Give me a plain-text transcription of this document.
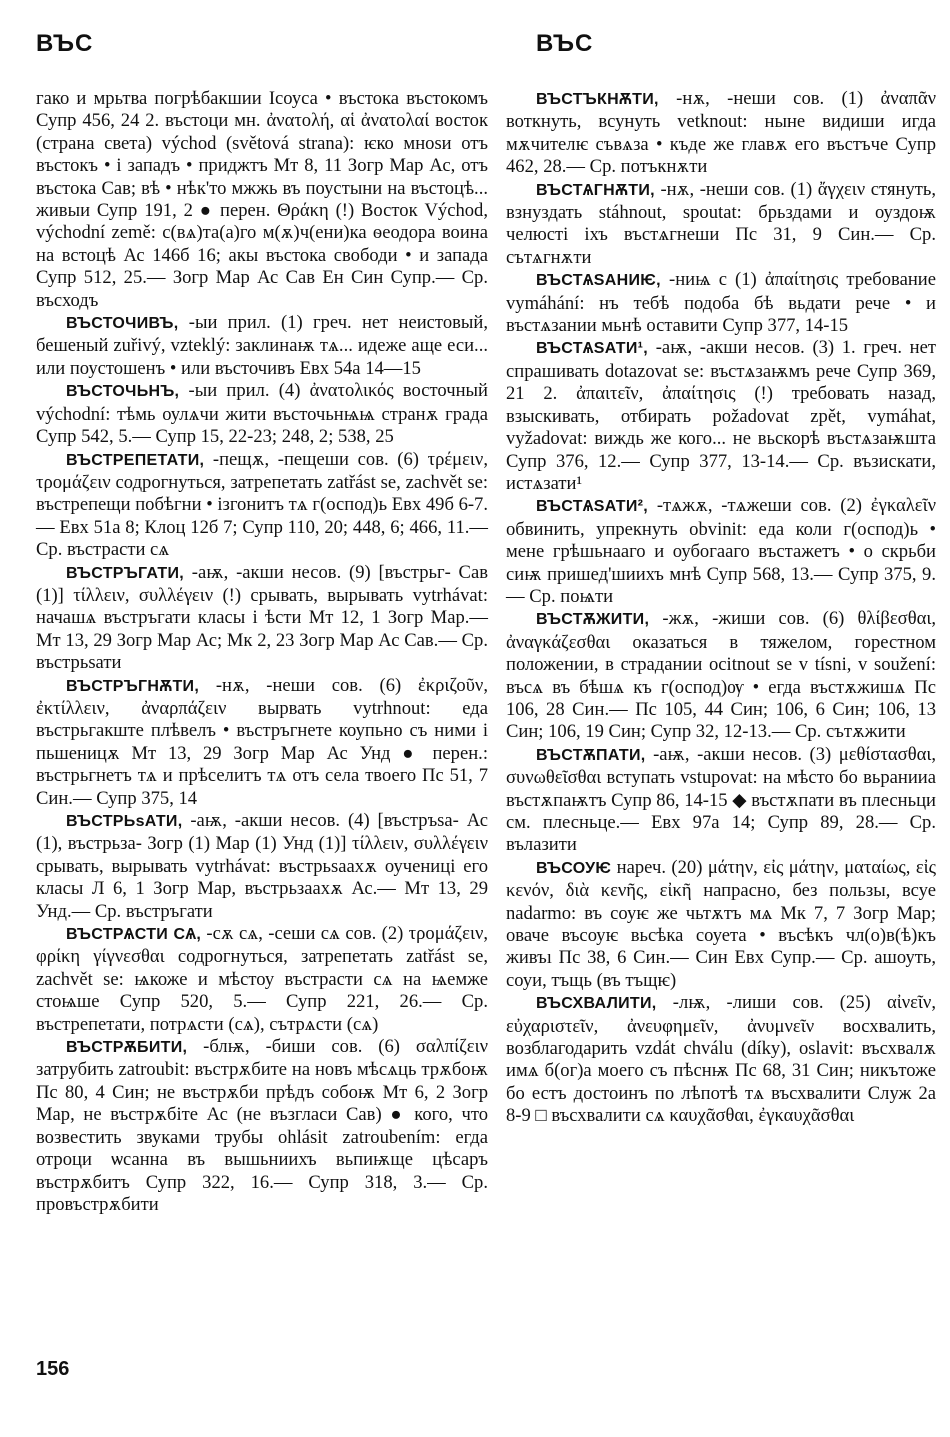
ВЪС	ВЪС

гако и мрьтва погрѣбакшии Ісоуса • въстока въстокомъ Супр 456, 24 2. въстоци мн. ἀνατολή, αἱ ἀνατολαί восток (страна света) východ (světová strana): ѥко мноѕи отъ въстокъ • і западъ • приджтъ Мт 8, 11 Зогр Мар Ас, отъ въстока Сав; вѣ • нѣк'то мжжь въ поустыни на въстоцѣ... живыи Супр 191, 2 ● перен. Θράκη (!) Восток Východ, východní země: с(вѧ)та(а)го м(ѫ)ч(ени)ка ѳеодора воина на встоцѣ Ас 146б 16; акы въстока свободи • и запада Супр 512, 25.— Зогр Мар Ас Сав Ен Син Супр.— Ср. въсходъ

ВЪСТОЧИВЪ, -ыи прил. (1) греч. нет неистовый, бешеный zuřivý, vzteklý: заклинаѭ тѧ... идеже аще еси... или поустошенъ • или въсточивъ Евх 54а 14—15

ВЪСТОЧЬНЪ, -ыи прил. (4) ἀνατολικός восточный východní: тѣмь оулѧчи жити въсточьнѩѩ странѫ града Супр 542, 5.— Супр 15, 22-23; 248, 2; 538, 25

ВЪСТРЕПЕТАТИ, -пещѫ, -пещеши сов. (6) τρέμειν, τρομάζειν содрогнуться, затрепетать zatřást se, zachvět se: въстрепещи побѣгни • ізгонитъ тѧ г(оспод)ь Евх 49б 6-7.— Евх 51а 8; Клоц 12б 7; Супр 110, 20; 448, 6; 466, 11.— Ср. въстрасти сѧ

ВЪСТРЪГАТИ, -аѭ, -акши несов. (9) [въстрьг- Сав (1)] τίλλειν, συλλέγειν (!) срывать, вырывать vytrhávat: начашѧ въстръгати класы і ѣсти Мт 12, 1 Зогр Мар.— Мт 13, 29 Зогр Мар Ас; Мк 2, 23 Зогр Мар Ас Сав.— Ср. въстрьѕати

ВЪСТРЪГНѪТИ, -нѫ, -неши сов. (6) ἐκριζοῦν, ἐκτίλλειν, ἀναρπάζειν вырвать vytrhnout: еда въстрьгакште плѣвелъ • въстръгнете коупьно съ ними і пьшеницѫ Мт 13, 29 Зогр Мар Ас Унд ● перен.: въстрьгнетъ тѧ и прѣселитъ тѧ отъ села твоего Пс 51, 7 Син.— Супр 375, 14

ВЪСТРЬѕАТИ, -аѭ, -акши несов. (4) [въстръѕа- Ас (1), въстрьза- Зогр (1) Мар (1) Унд (1)] τίλλειν, συλλέγειν срывать, вырывать vytrhávat: въстрьѕаахѫ оучениці его класы Л 6, 1 Зогр Мар, въстрьзаахѫ Ас.— Мт 13, 29 Унд.— Ср. въстръгати

ВЪСТРѦСТИ СѦ, -сѫ сѧ, -сеши сѧ сов. (2) τρομάζειν, φρίκη γίγνεσθαι содрогнуться, затрепетать zatřást se, zachvět se: ѩкоже и мѣстоу въстрасти сѧ на ѩемже стоѩше Супр 520, 5.— Супр 221, 26.— Ср. въстрепетати, потрѧсти (сѧ), сътрѧсти (сѧ)

ВЪСТРѪБИТИ, -блѭ, -биши сов. (6) σαλπίζειν затрубить zatroubit: въстрѫбите на новъ мѣсѧць трѫбоѭ Пс 80, 4 Син; не въстрѫби прѣдъ собоѭ Мт 6, 2 Зогр Мар, не въстрѫбіте Ас (не възгласи Сав) ● кого, что возвестить звуками трубы ohlásit zatroubením: егда отроци ѡсанна въ вышьниихъ вьпиѭще цѣсаръ въстрѫбитъ Супр 322, 16.— Супр 318, 3.— Ср. провъстрѫбити

ВЪСТЪКНѪТИ, -нѫ, -неши сов. (1) ἀναπᾶν воткнуть, всунуть vetknout: ныне видиши игда мѫчителѥ съвѧза • къде же главѫ его въстъче Супр 462, 28.— Ср. потъкнѫти

ВЪСТѦГНѪТИ, -нѫ, -неши сов. (1) ἄγχειν стянуть, взнуздать stáhnout, spoutat: брьздами и оуздоѭ челюсті іхъ въстѧгнеши Пс 31, 9 Син.— Ср. сътѧгнѫти

ВЪСТѦЅАНИѤ, -ниѩ с (1) ἀπαίτησις требование vymáhání: нъ тебѣ подоба бѣ вьдати рече • и въстѧзании мьнѣ оставити Супр 377, 14-15

ВЪСТѦЅАТИ¹, -аѭ, -акши несов. (3) 1. греч. нет спрашивать dotazovat se: въстѧзаѭмъ рече Супр 369, 21 2. ἀπαιτεῖν, ἀπαίτησις (!) требовать назад, взыскивать, отбирать požadovat zpět, vymáhat, vyžadovat: виждь же кого... не вьскорѣ въстѧзаѭшта Супр 376, 12.— Супр 377, 13-14.— Ср. възискати, истѧзати¹

ВЪСТѦЅАТИ², -тѧжѫ, -тѧжеши сов. (2) ἐγκαλεῖν обвинить, упрекнуть obvinit: еда коли г(оспод)ь • мене грѣшьнааго и оубогааго въстажетъ • о скрьби сиѭ пришед'шиихъ мнѣ Супр 568, 13.— Супр 375, 9.— Ср. поѩти

ВЪСТѪЖИТИ, -жѫ, -жиши сов. (6) θλίβεσθαι, ἀναγκάζεσθαι оказаться в тяжелом, горестном положении, в страдании ocitnout se v tísni, v soužení: въсѧ въ бѣшѧ къ г(оспод)ѹ • егда въстѫжишѧ Пс 106, 28 Син.— Пс 105, 44 Син; 106, 6 Син; 106, 13 Син; 106, 19 Син; Супр 32, 12-13.— Ср. сътѫжити

ВЪСТѪПАТИ, -аѭ, -акши несов. (3) μεθίστασθαι, συνωθεῖσθαι вступать vstupovat: на мѣсто бо вьранииа въстѫпаѭтъ Супр 86, 14-15 ◆ въстѫпати въ плесньци см. плесньце.— Евх 97а 14; Супр 89, 28.— Ср. вълазити

ВЪСОУѤ нареч. (20) μάτην, εἰς μάτην, ματαίως, εἰς κενόν, διὰ κενῆς, εἰκῆ напрасно, без пользы, всуе nadarmo: въ соуѥ же чьтѫтъ мѧ Мк 7, 7 Зогр Мар; оваче въсоуѥ вьсѣка соуета • въсѣкъ чл(о)в(ѣ)къ живъı Пс 38, 6 Син.— Син Евх Супр.— Ср. ашоуть, соуи, тъщь (въ тъщѥ)

ВЪСХВАЛИТИ, -лѭ, -лиши сов. (25) αἰνεῖν, εὐχαριστεῖν, ἀνευφημεῖν, ἀνυμνεῖν восхвалить, возблагодарить vzdát chválu (díky), oslavit: въсхвалѫ имѧ б(ог)а моего съ пѣснѭ Пс 68, 31 Син; никътоже бо естъ достоинъ по лѣпотѣ тѧ въсхвалити Служ 2а 8-9 □ въсхвалити сѧ καυχᾶσθαι, ἐγκαυχᾶσθαι

156
